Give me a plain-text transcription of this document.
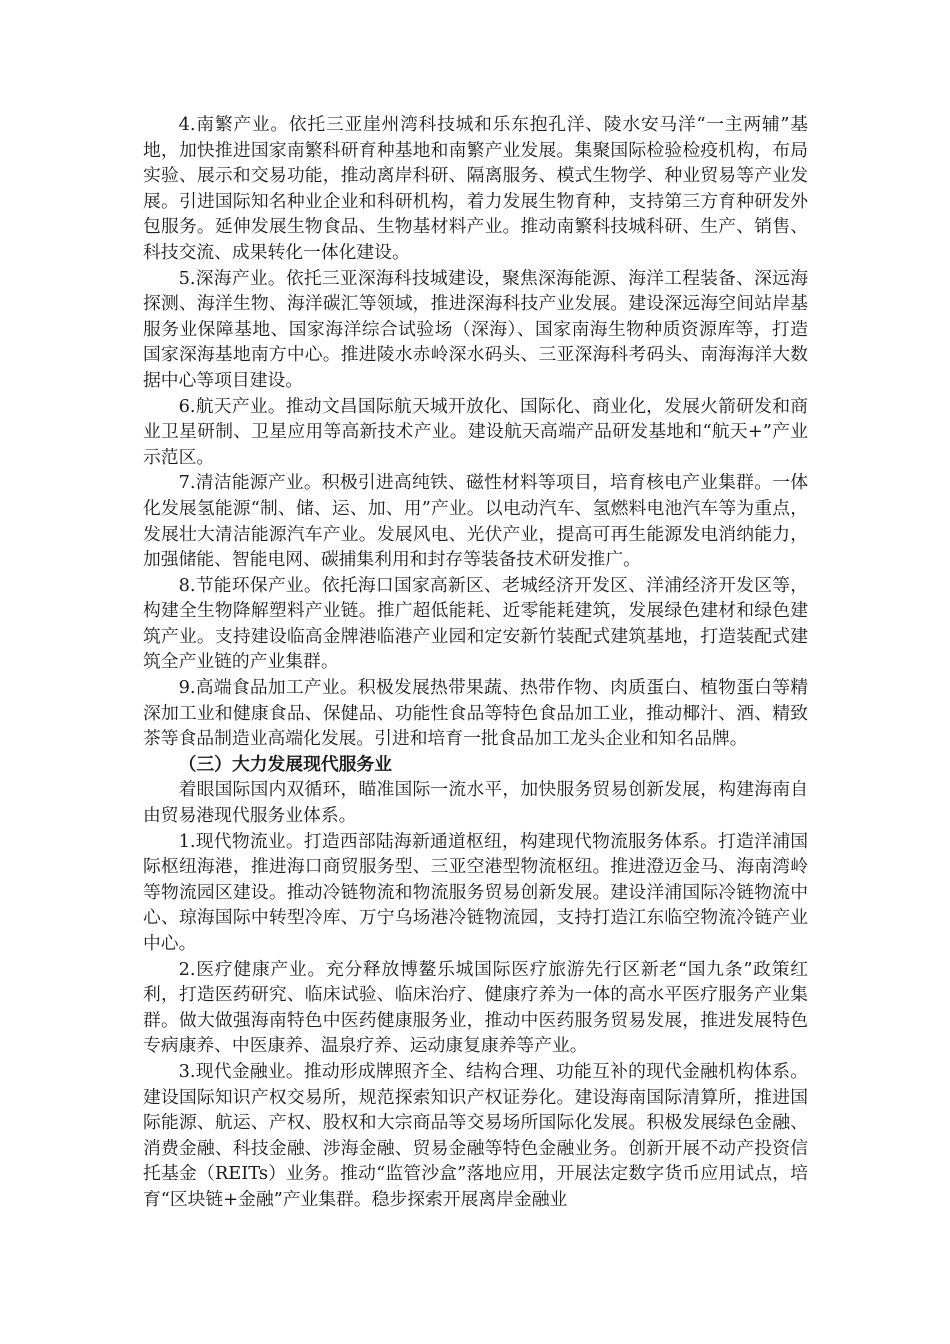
4.南繁产业。依托三亚崖州湾科技城和乐东抱孔洋、陵水安马洋“一主两辅”基地，加快推进国家南繁科研育种基地和南繁产业发展。集聚国际检验检疫机构，布局实验、展示和交易功能，推动离岸科研、隔离服务、模式生物学、种业贸易等产业发展。引进国际知名种业企业和科研机构，着力发展生物育种，支持第三方育种研发外包服务。延伸发展生物食品、生物基材料产业。推动南繁科技城科研、生产、销售、科技交流、成果转化一体化建设。

5.深海产业。依托三亚深海科技城建设，聚焦深海能源、海洋工程装备、深远海探测、海洋生物、海洋碳汇等领域，推进深海科技产业发展。建设深远海空间站岸基服务业保障基地、国家海洋综合试验场（深海）、国家南海生物种质资源库等，打造国家深海基地南方中心。推进陵水赤岭深水码头、三亚深海科考码头、南海海洋大数据中心等项目建设。

6.航天产业。推动文昌国际航天城开放化、国际化、商业化，发展火箭研发和商业卫星研制、卫星应用等高新技术产业。建设航天高端产品研发基地和“航天+”产业示范区。

7.清洁能源产业。积极引进高纯铁、磁性材料等项目，培育核电产业集群。一体化发展氢能源“制、储、运、加、用”产业。以电动汽车、氢燃料电池汽车等为重点，发展壮大清洁能源汽车产业。发展风电、光伏产业，提高可再生能源发电消纳能力，加强储能、智能电网、碳捕集利用和封存等装备技术研发推广。

8.节能环保产业。依托海口国家高新区、老城经济开发区、洋浦经济开发区等，构建全生物降解塑料产业链。推广超低能耗、近零能耗建筑，发展绿色建材和绿色建筑产业。支持建设临高金牌港临港产业园和定安新竹装配式建筑基地，打造装配式建筑全产业链的产业集群。

9.高端食品加工产业。积极发展热带果蔬、热带作物、肉质蛋白、植物蛋白等精深加工业和健康食品、保健品、功能性食品等特色食品加工业，推动椰汁、酒、精致茶等食品制造业高端化发展。引进和培育一批食品加工龙头企业和知名品牌。

（三）大力发展现代服务业

着眼国际国内双循环，瞄准国际一流水平，加快服务贸易创新发展，构建海南自由贸易港现代服务业体系。

1.现代物流业。打造西部陆海新通道枢纽，构建现代物流服务体系。打造洋浦国际枢纽海港，推进海口商贸服务型、三亚空港型物流枢纽。推进澄迈金马、海南湾岭等物流园区建设。推动冷链物流和物流服务贸易创新发展。建设洋浦国际冷链物流中心、琼海国际中转型冷库、万宁乌场港冷链物流园，支持打造江东临空物流冷链产业中心。

2.医疗健康产业。充分释放博鳌乐城国际医疗旅游先行区新老“国九条”政策红利，打造医药研究、临床试验、临床治疗、健康疗养为一体的高水平医疗服务产业集群。做大做强海南特色中医药健康服务业，推动中医药服务贸易发展，推进发展特色专病康养、中医康养、温泉疗养、运动康复康养等产业。

3.现代金融业。推动形成牌照齐全、结构合理、功能互补的现代金融机构体系。建设国际知识产权交易所，规范探索知识产权证券化。建设海南国际清算所，推进国际能源、航运、产权、股权和大宗商品等交易场所国际化发展。积极发展绿色金融、消费金融、科技金融、涉海金融、贸易金融等特色金融业务。创新开展不动产投资信托基金（REITs）业务。推动“监管沙盒”落地应用，开展法定数字货币应用试点，培育“区块链+金融”产业集群。稳步探索开展离岸金融业
